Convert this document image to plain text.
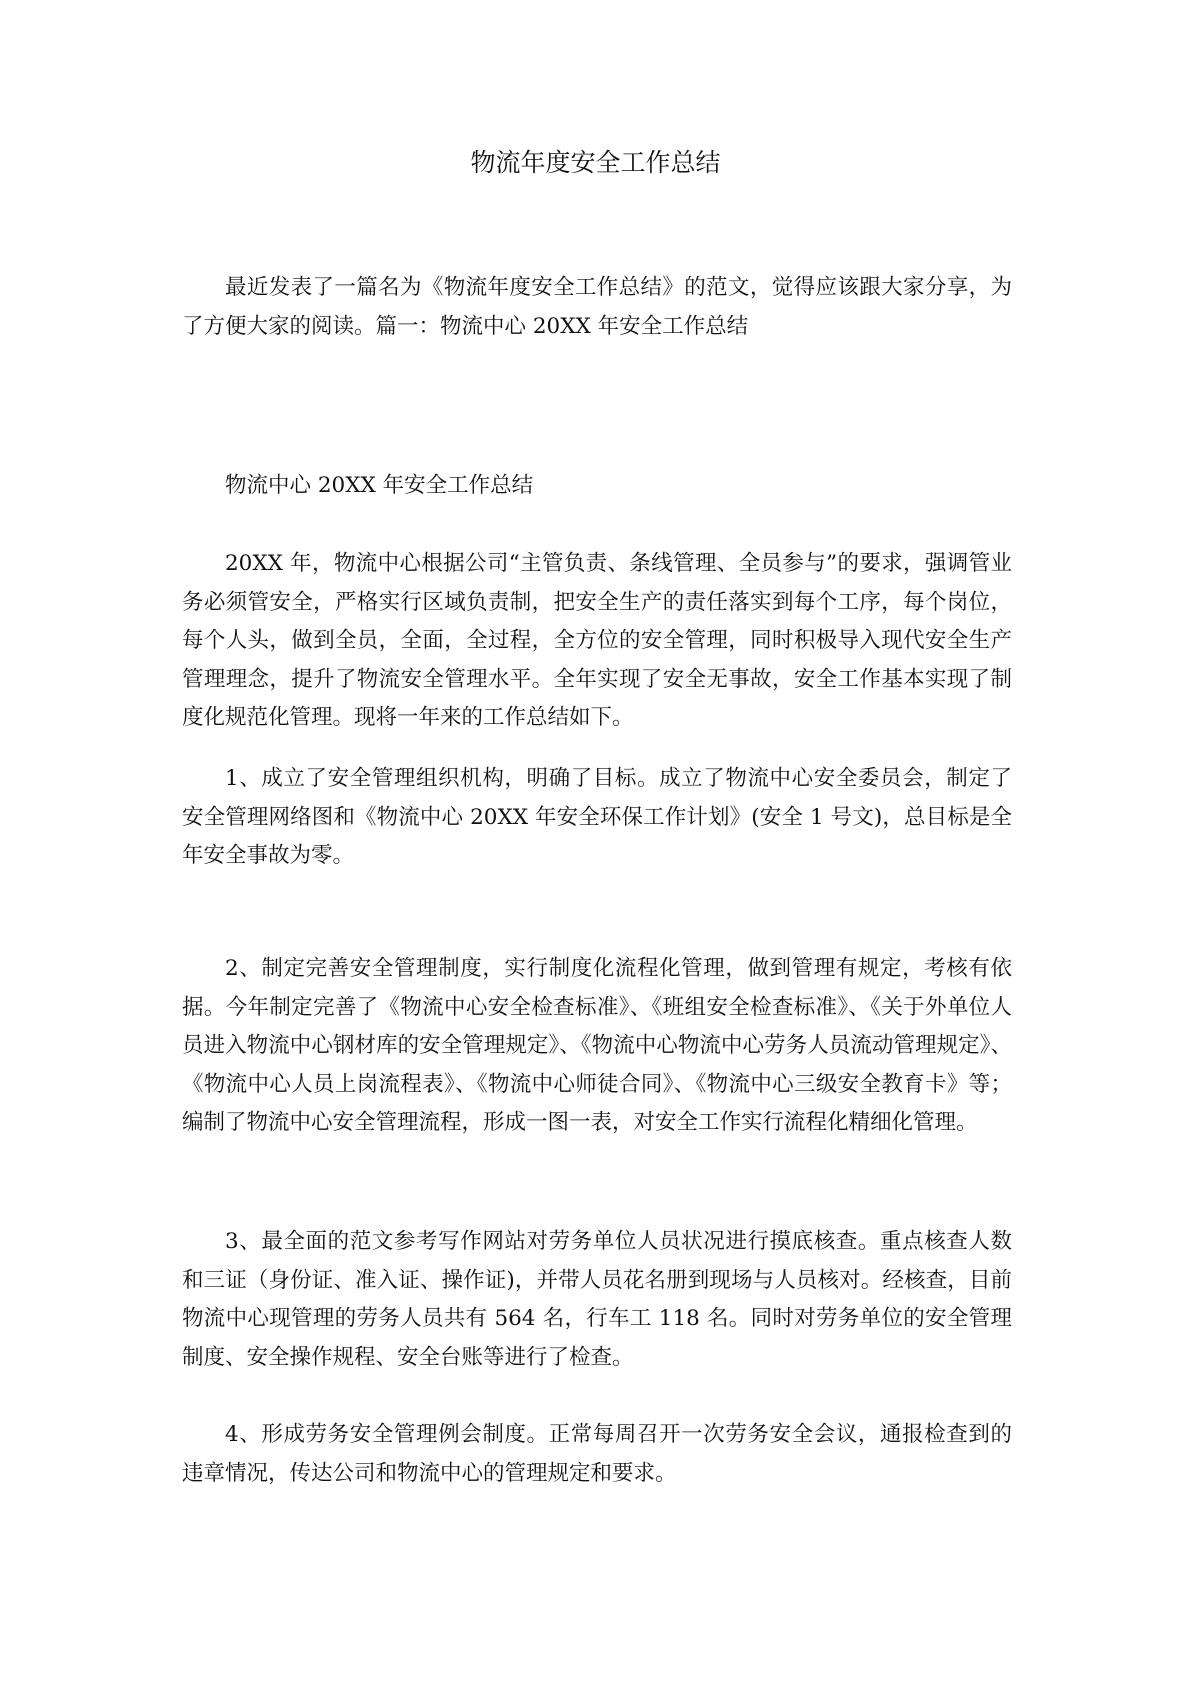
物流年度安全工作总结

最近发表了一篇名为《物流年度安全工作总结》的范文，觉得应该跟大家分享，为了方便大家的阅读。篇一：物流中心 20XX 年安全工作总结

物流中心 20XX 年安全工作总结

20XX 年，物流中心根据公司“主管负责、条线管理、全员参与”的要求，强调管业务必须管安全，严格实行区域负责制，把安全生产的责任落实到每个工序，每个岗位，每个人头，做到全员，全面，全过程，全方位的安全管理，同时积极导入现代安全生产管理理念，提升了物流安全管理水平。全年实现了安全无事故，安全工作基本实现了制度化规范化管理。现将一年来的工作总结如下。

1、成立了安全管理组织机构，明确了目标。成立了物流中心安全委员会，制定了安全管理网络图和《物流中心 20XX 年安全环保工作计划》(安全 1 号文)，总目标是全年安全事故为零。

2、制定完善安全管理制度，实行制度化流程化管理，做到管理有规定，考核有依据。今年制定完善了《物流中心安全检查标准》、《班组安全检查标准》、《关于外单位人员进入物流中心钢材库的安全管理规定》、《物流中心物流中心劳务人员流动管理规定》、《物流中心人员上岗流程表》、《物流中心师徒合同》、《物流中心三级安全教育卡》等；编制了物流中心安全管理流程，形成一图一表，对安全工作实行流程化精细化管理。

3、最全面的范文参考写作网站对劳务单位人员状况进行摸底核查。重点核查人数和三证（身份证、准入证、操作证)，并带人员花名册到现场与人员核对。经核查，目前物流中心现管理的劳务人员共有 564 名，行车工 118 名。同时对劳务单位的安全管理制度、安全操作规程、安全台账等进行了检查。

4、形成劳务安全管理例会制度。正常每周召开一次劳务安全会议，通报检查到的违章情况，传达公司和物流中心的管理规定和要求。
